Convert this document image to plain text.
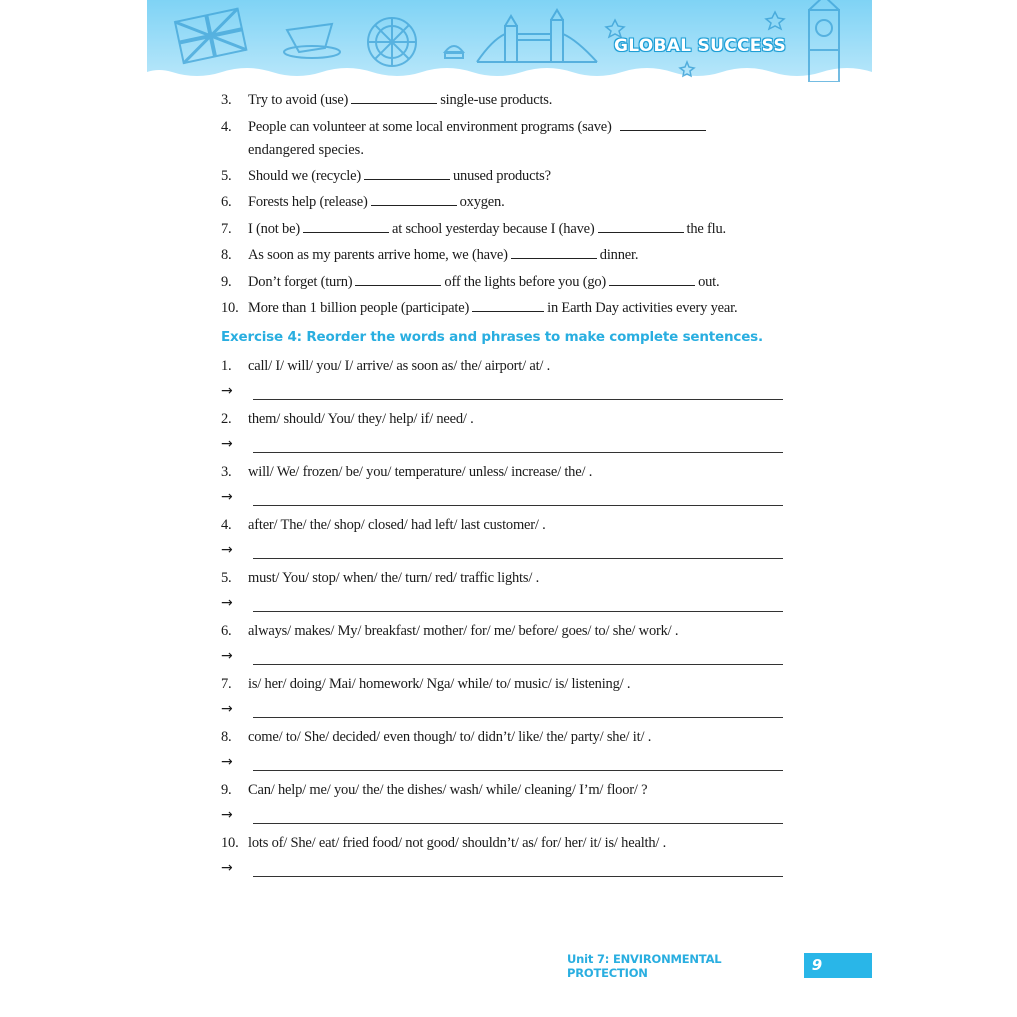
GLOBAL SUCCESS
3. Try to avoid (use)	single-use products.
4. People can volunteer at some local environment programs (save)
endangered species.
5. Should we (recycle)	unused products?
6. Forests help (release)	oxygen.
7. I (not be)	at school yesterday because I (have)	the flu.
8. As soon as my parents arrive home, we (have)	dinner.
9. Don’t forget (turn)	off the lights before you (go)	out.
10. More than 1 billion people (participate)	in Earth Day activities every year.
Exercise 4: Reorder the words and phrases to make complete sentences.
1. call/ I/ will/ you/ I/ arrive/ as soon as/ the/ airport/ at/ .
→
2. them/ should/ You/ they/ help/ if/ need/ .
→
3. will/ We/ frozen/ be/ you/ temperature/ unless/ increase/ the/ .
→
4. after/ The/ the/ shop/ closed/ had left/ last customer/ .
→
5. must/ You/ stop/ when/ the/ turn/ red/ traffic lights/ .
→
6. always/ makes/ My/ breakfast/ mother/ for/ me/ before/ goes/ to/ she/ work/ .
→
7. is/ her/ doing/ Mai/ homework/ Nga/ while/ to/ music/ is/ listening/ .
→
8. come/ to/ She/ decided/ even though/ to/ didn’t/ like/ the/ party/ she/ it/ .
→
9. Can/ help/ me/ you/ the/ the dishes/ wash/ while/ cleaning/ I’m/ floor/ ?
→
10. lots of/ She/ eat/ fried food/ not good/ shouldn’t/ as/ for/ her/ it/ is/ health/ .
→
Unit 7: ENVIRONMENTAL PROTECTION	9
